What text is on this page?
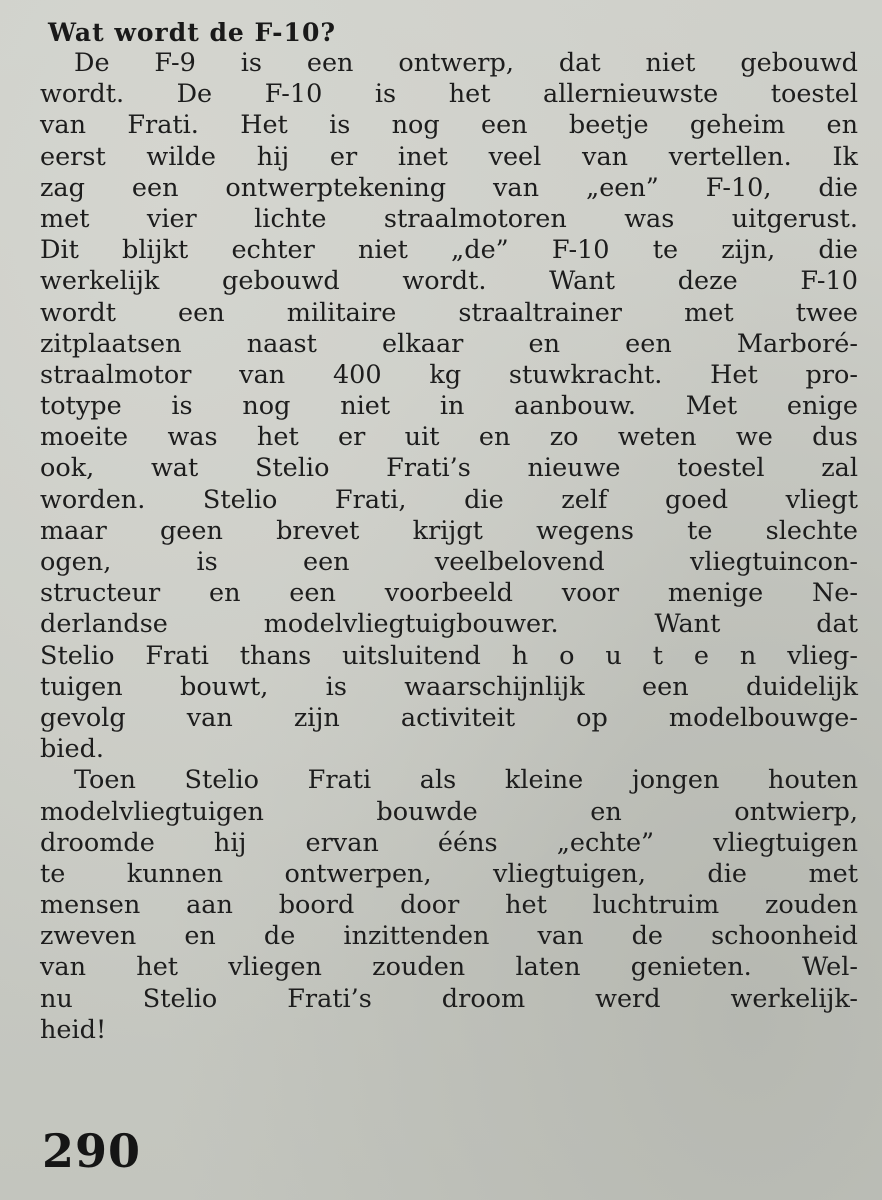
Wat wordt de F-10?
De F-9 is een ontwerp, dat niet gebouwd
wordt. De F-10 is het allernieuwste toestel
van Frati. Het is nog een beetje geheim en
eerst wilde hij er inet veel van vertellen. Ik
zag een ontwerptekening van „een” F-10, die
met vier lichte straalmotoren was uitgerust.
Dit blijkt echter niet „de” F-10 te zijn, die
werkelijk gebouwd wordt. Want deze F-10
wordt een militaire straaltrainer met twee
zitplaatsen naast elkaar en een Marboré-
straalmotor van 400 kg stuwkracht. Het pro-
totype is nog niet in aanbouw. Met enige
moeite was het er uit en zo weten we dus
ook, wat Stelio Frati’s nieuwe toestel zal
worden. Stelio Frati, die zelf goed vliegt
maar geen brevet krijgt wegens te slechte
ogen, is een veelbelovend vliegtuincon-
structeur en een voorbeeld voor menige Ne-
derlandse modelvliegtuigbouwer. Want dat
Stelio Frati thans uitsluitend h o u t e n vlieg-
tuigen bouwt, is waarschijnlijk een duidelijk
gevolg van zijn activiteit op modelbouwge-
bied.
Toen Stelio Frati als kleine jongen houten
modelvliegtuigen bouwde en ontwierp,
droomde hij ervan ééns „echte” vliegtuigen
te kunnen ontwerpen, vliegtuigen, die met
mensen aan boord door het luchtruim zouden
zweven en de inzittenden van de schoonheid
van het vliegen zouden laten genieten. Wel-
nu Stelio Frati’s droom werd werkelijk-
heid!
290
